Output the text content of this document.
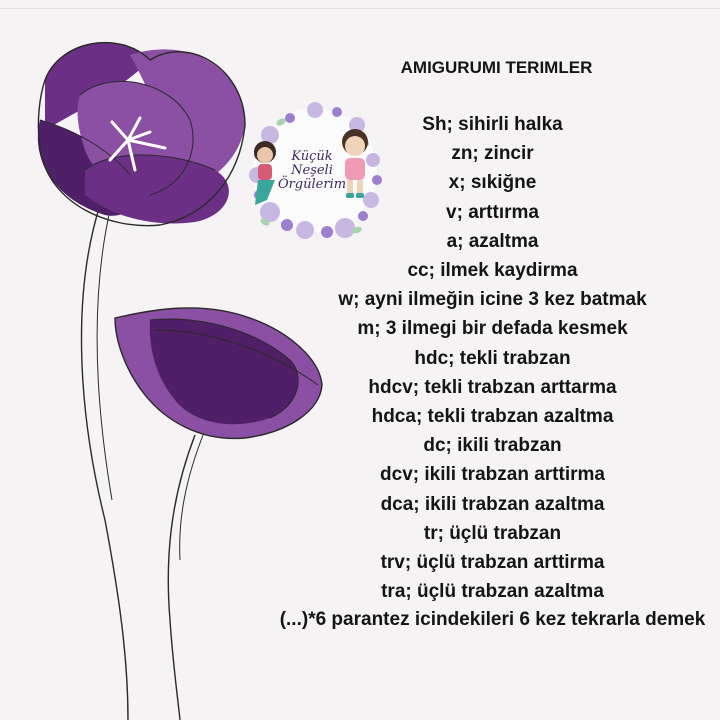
Küçük
Neşeli
Örgülerim
AMIGURUMI TERIMLER
Sh; sihirli halka
zn; zincir
x; sıkiğne
v; arttırma
a; azaltma
cc; ilmek kaydirma
w; ayni ilmeğin icine 3 kez batmak
m; 3 ilmegi bir defada kesmek
hdc; tekli trabzan
hdcv; tekli trabzan arttarma
hdca; tekli trabzan azaltma
dc; ikili trabzan
dcv; ikili trabzan arttirma
dca; ikili trabzan azaltma
tr; üçlü trabzan
trv; üçlü trabzan arttirma
tra; üçlü trabzan azaltma
(...)*6 parantez icindekileri 6 kez tekrarla demek
